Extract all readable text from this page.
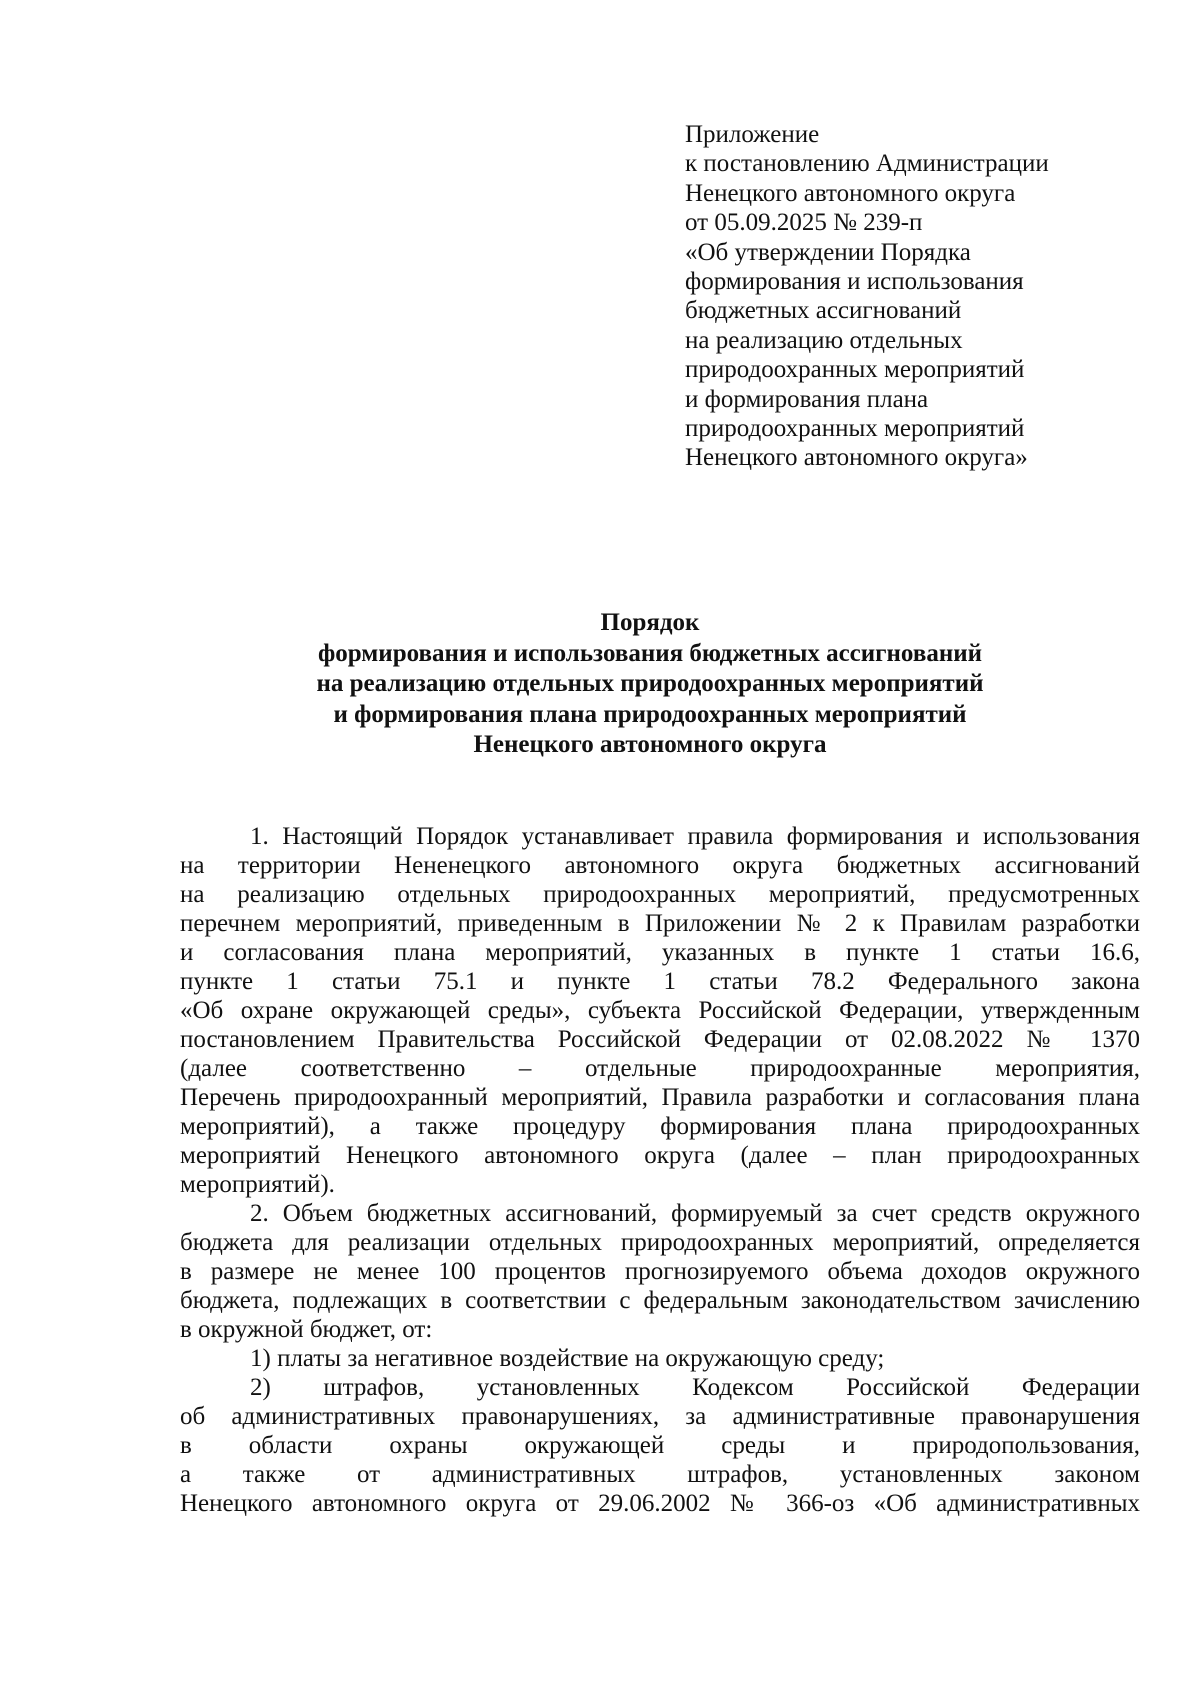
Приложение
к постановлению Администрации
Ненецкого автономного округа
от 05.09.2025 № 239-п
«Об утверждении Порядка
формирования и использования
бюджетных ассигнований
на реализацию отдельных
природоохранных мероприятий
и формирования плана
природоохранных мероприятий
Ненецкого автономного округа»
Порядок
формирования и использования бюджетных ассигнований
на реализацию отдельных природоохранных мероприятий
и формирования плана природоохранных мероприятий
Ненецкого автономного округа
1. Настоящий Порядок устанавливает правила формирования и использования
на территории Нененецкого автономного округа бюджетных ассигнований
на реализацию отдельных природоохранных мероприятий, предусмотренных
перечнем мероприятий, приведенным в Приложении № 2 к Правилам разработки
и согласования плана мероприятий, указанных в пункте 1 статьи 16.6,
пункте 1 статьи 75.1 и пункте 1 статьи 78.2 Федерального закона
«Об охране окружающей среды», субъекта Российской Федерации, утвержденным
постановлением Правительства Российской Федерации от 02.08.2022 № 1370
(далее соответственно – отдельные природоохранные мероприятия,
Перечень природоохранный мероприятий, Правила разработки и согласования плана
мероприятий), а также процедуру формирования плана природоохранных
мероприятий Ненецкого автономного округа (далее – план природоохранных
мероприятий).
2. Объем бюджетных ассигнований, формируемый за счет средств окружного
бюджета для реализации отдельных природоохранных мероприятий, определяется
в размере не менее 100 процентов прогнозируемого объема доходов окружного
бюджета, подлежащих в соответствии с федеральным законодательством зачислению
в окружной бюджет, от:
1) платы за негативное воздействие на окружающую среду;
2) штрафов, установленных Кодексом Российской Федерации
об административных правонарушениях, за административные правонарушения
в области охраны окружающей среды и природопользования,
а также от административных штрафов, установленных законом
Ненецкого автономного округа от 29.06.2002 № 366-оз «Об административных
